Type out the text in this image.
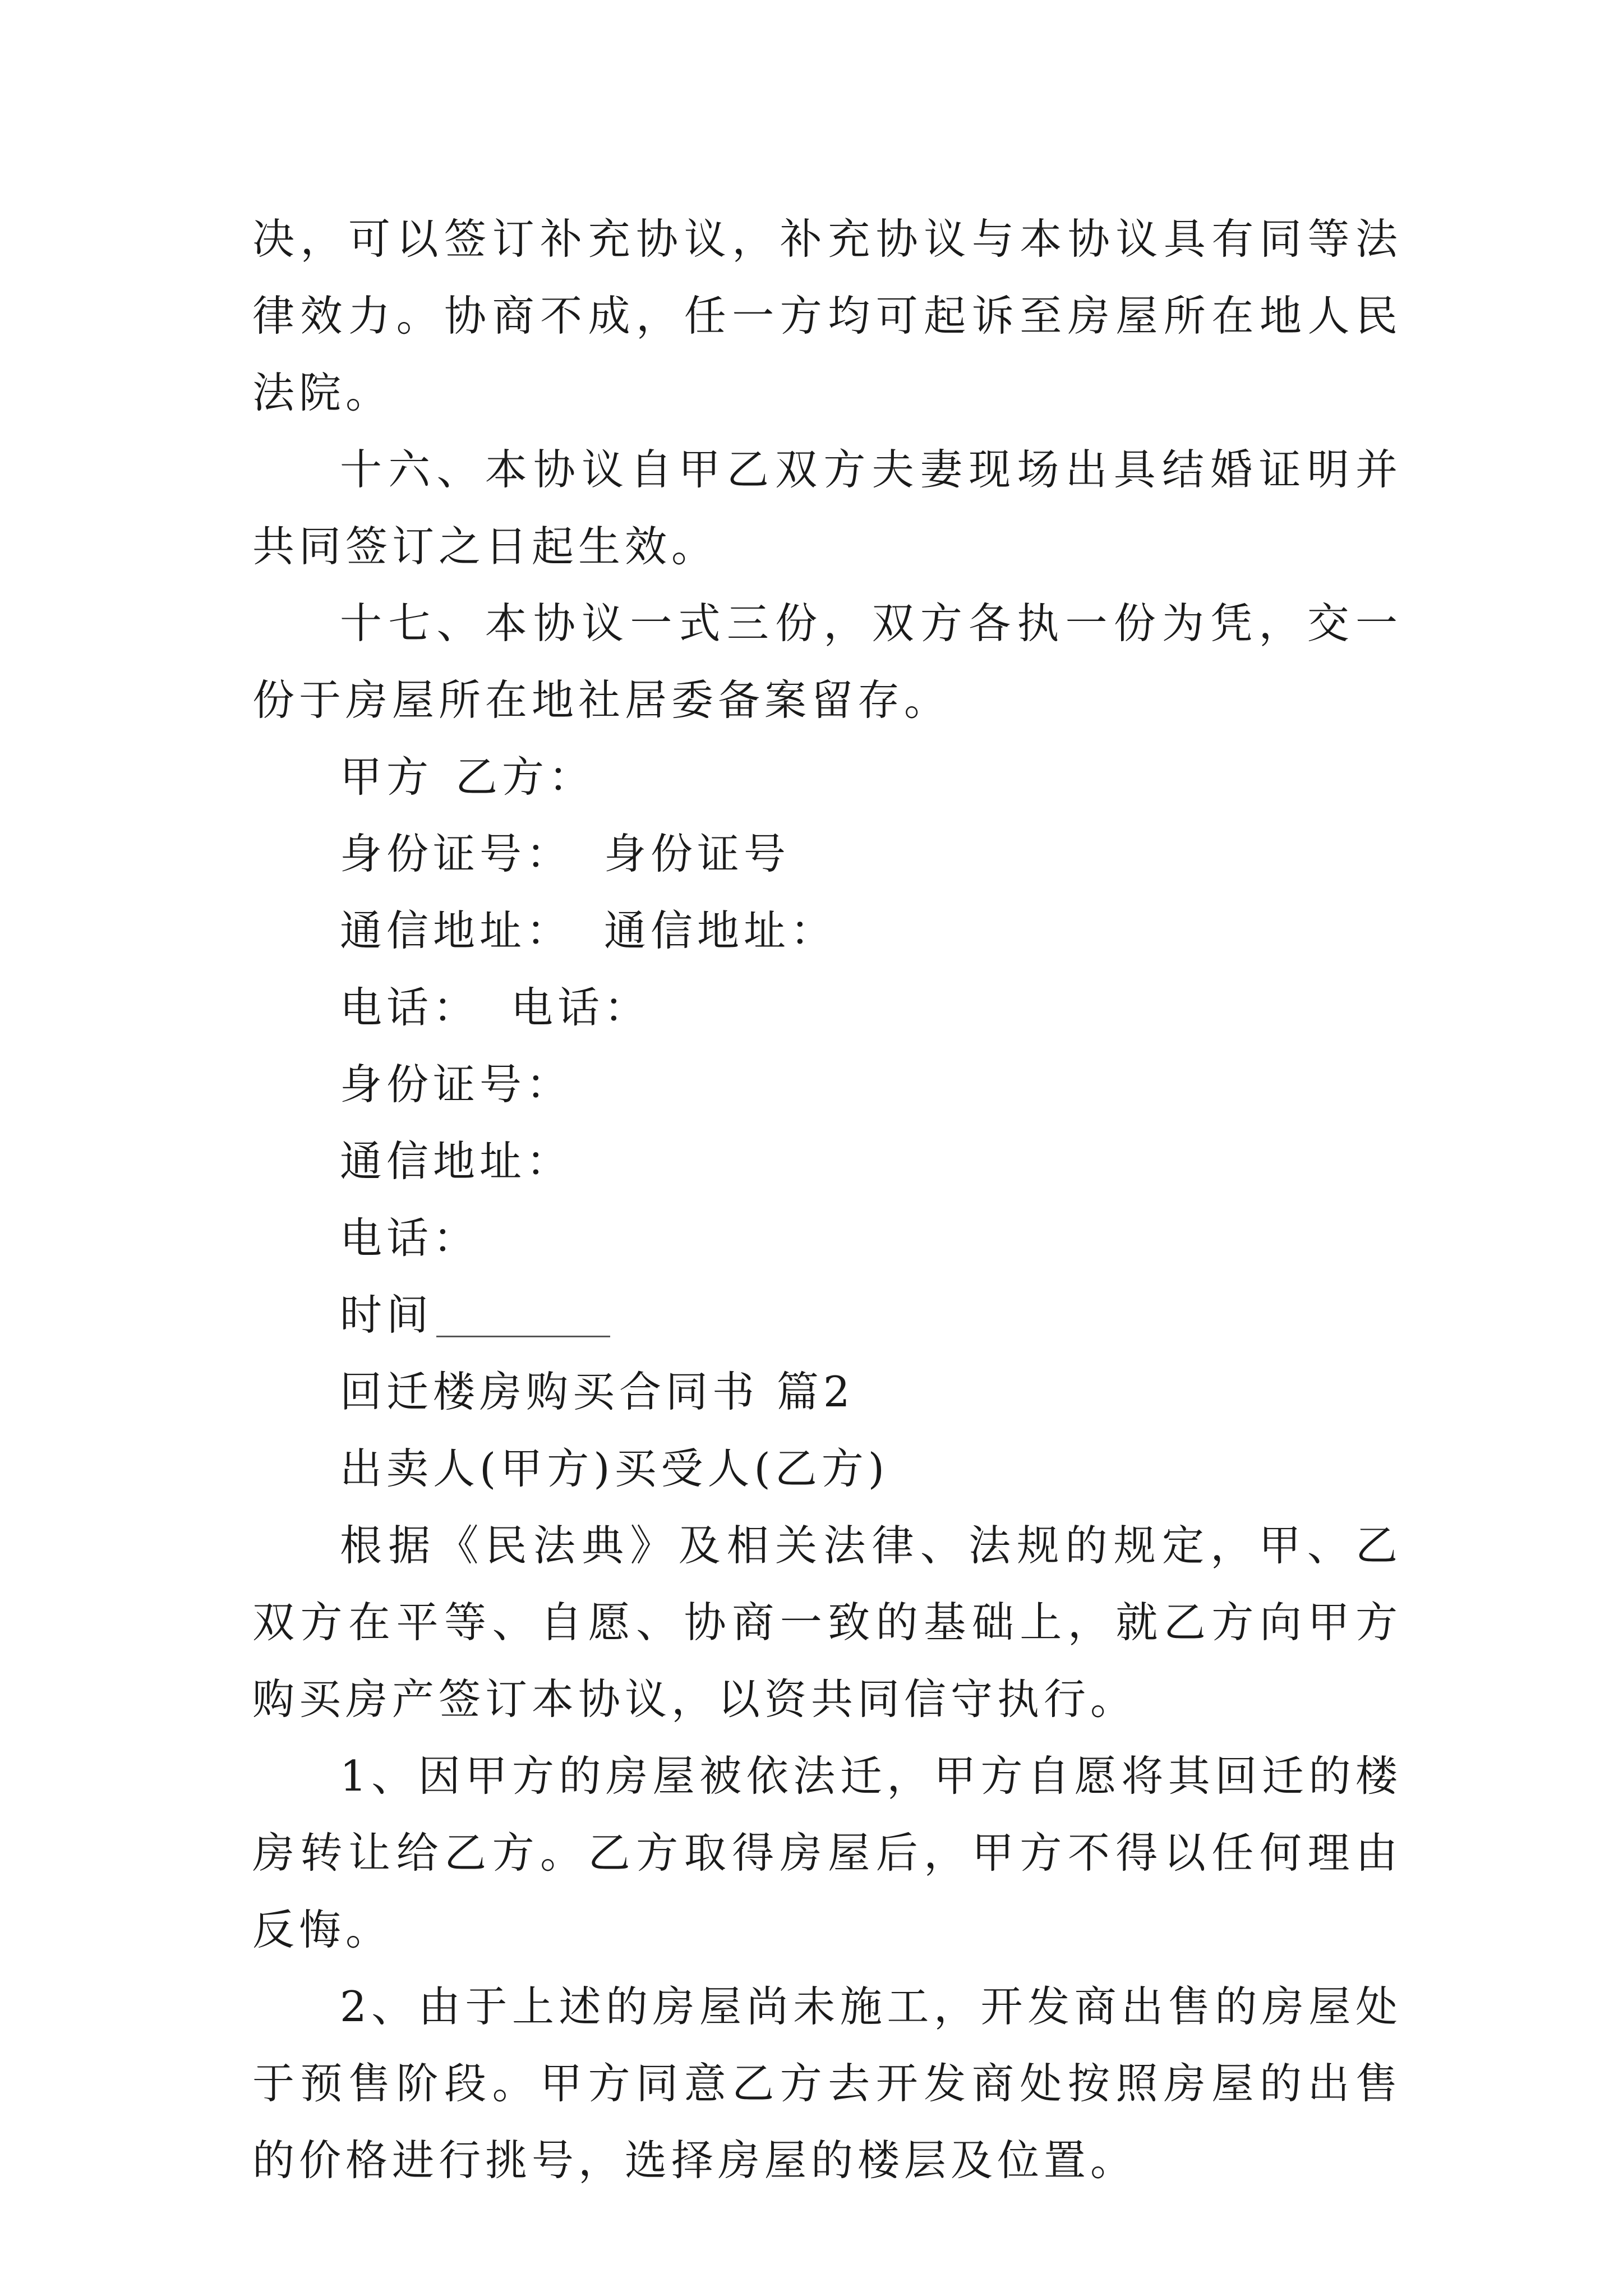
决，可以签订补充协议，补充协议与本协议具有同等法律效力。协商不成，任一方均可起诉至房屋所在地人民法院。

十六、本协议自甲乙双方夫妻现场出具结婚证明并共同签订之日起生效。

十七、本协议一式三份，双方各执一份为凭，交一份于房屋所在地社居委备案留存。

甲方 乙方：

身份证号： 身份证号

通信地址： 通信地址：

电话： 电话：

身份证号：

通信地址：

电话：

时间

回迁楼房购买合同书 篇2

出卖人(甲方)买受人(乙方)

根据《民法典》及相关法律、法规的规定，甲、乙双方在平等、自愿、协商一致的基础上，就乙方向甲方购买房产签订本协议，以资共同信守执行。

1、因甲方的房屋被依法迁，甲方自愿将其回迁的楼房转让给乙方。乙方取得房屋后，甲方不得以任何理由反悔。

2、由于上述的房屋尚未施工，开发商出售的房屋处于预售阶段。甲方同意乙方去开发商处按照房屋的出售的价格进行挑号，选择房屋的楼层及位置。
